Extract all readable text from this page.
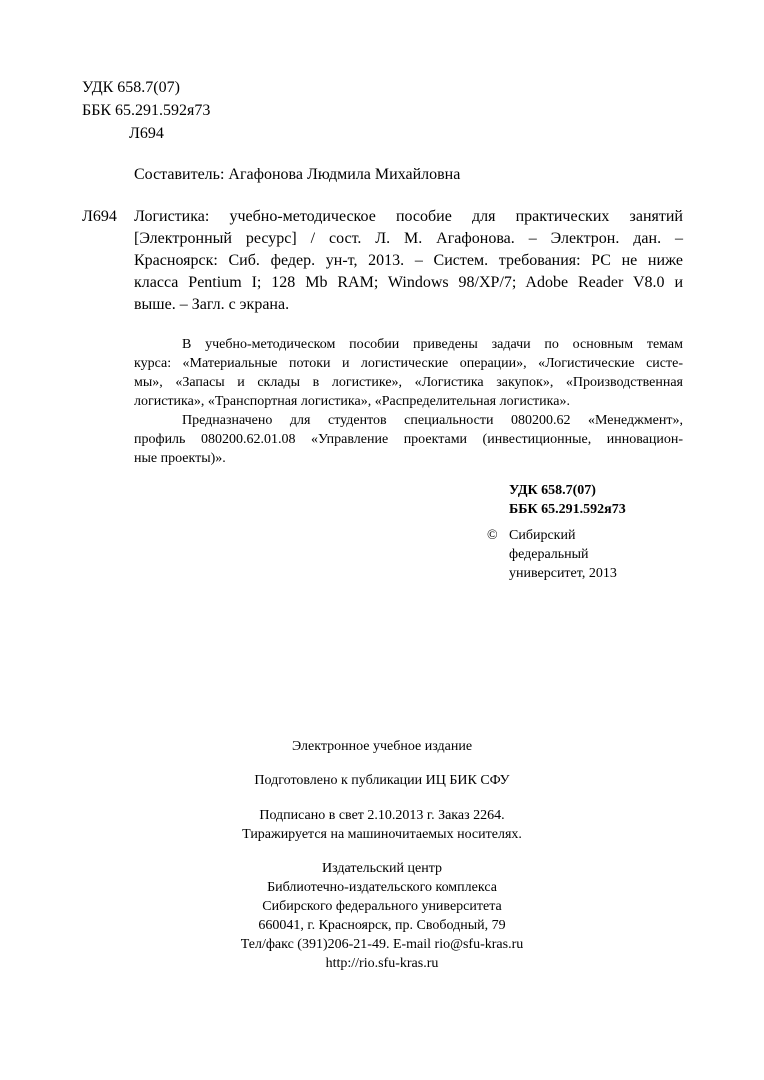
УДК 658.7(07)
ББК 65.291.592я73
Л694
Составитель: Агафонова Людмила Михайловна
Л694 Логистика: учебно-методическое пособие для практических занятий
[Электронный ресурс] / сост. Л. М. Агафонова. – Электрон. дан. –
Красноярск: Сиб. федер. ун-т, 2013. – Систем. требования: PC не ниже
класса Pentium I; 128 Mb RAM; Windows 98/XP/7; Adobe Reader V8.0 и
выше. – Загл. с экрана.
В учебно-методическом пособии приведены задачи по основным темам
курса: «Материальные потоки и логистические операции», «Логистические систе-
мы», «Запасы и склады в логистике», «Логистика закупок», «Производственная
логистика», «Транспортная логистика», «Распределительная логистика».
Предназначено для студентов специальности 080200.62 «Менеджмент»,
профиль 080200.62.01.08 «Управление проектами (инвестиционные, инновацион-
ные проекты)».
УДК 658.7(07)
ББК 65.291.592я73
© Сибирский
федеральный
университет, 2013
Электронное учебное издание
Подготовлено к публикации ИЦ БИК СФУ
Подписано в свет 2.10.2013 г. Заказ 2264.
Тиражируется на машиночитаемых носителях.
Издательский центр
Библиотечно-издательского комплекса
Сибирского федерального университета
660041, г. Красноярск, пр. Свободный, 79
Тел/факс (391)206-21-49. E-mail rio@sfu-kras.ru
http://rio.sfu-kras.ru
